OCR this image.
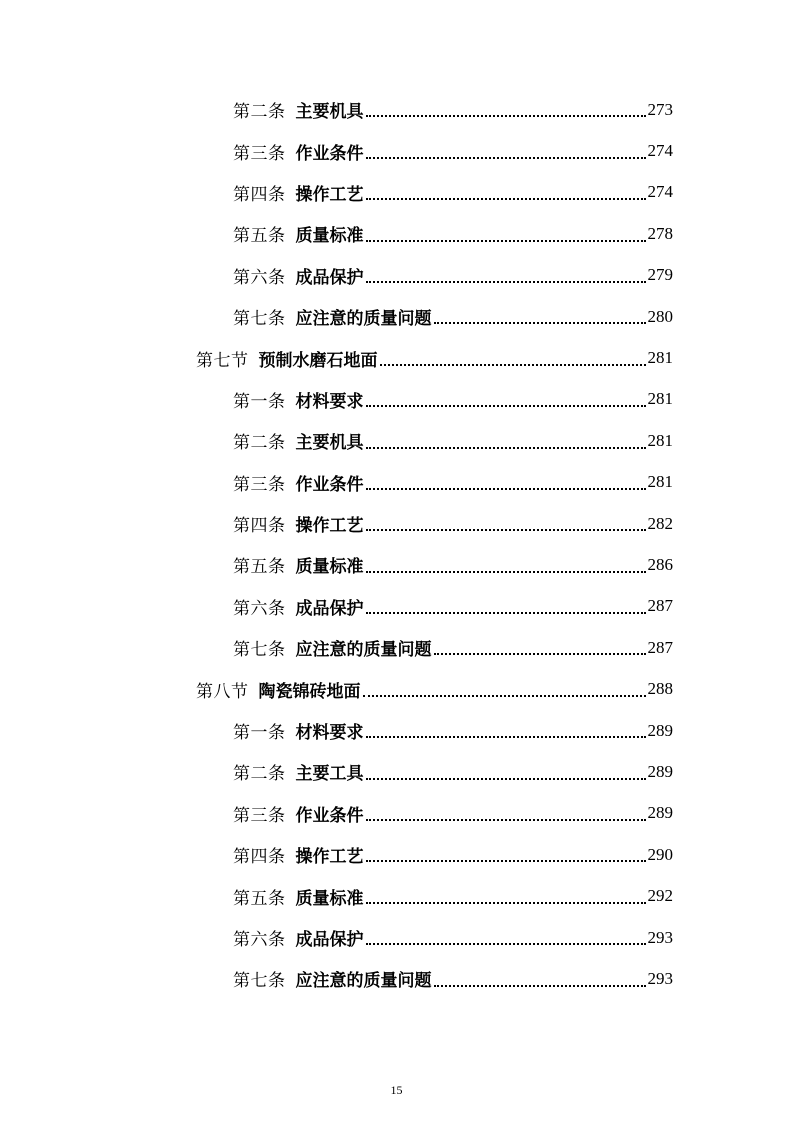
第二条 主要机具	273
第三条 作业条件	274
第四条 操作工艺	274
第五条 质量标准	278
第六条 成品保护	279
第七条 应注意的质量问题	280
第七节 预制水磨石地面	281
第一条 材料要求	281
第二条 主要机具	281
第三条 作业条件	281
第四条 操作工艺	282
第五条 质量标准	286
第六条 成品保护	287
第七条 应注意的质量问题	287
第八节 陶瓷锦砖地面	288
第一条 材料要求	289
第二条 主要工具	289
第三条 作业条件	289
第四条 操作工艺	290
第五条 质量标准	292
第六条 成品保护	293
第七条 应注意的质量问题	293
15
